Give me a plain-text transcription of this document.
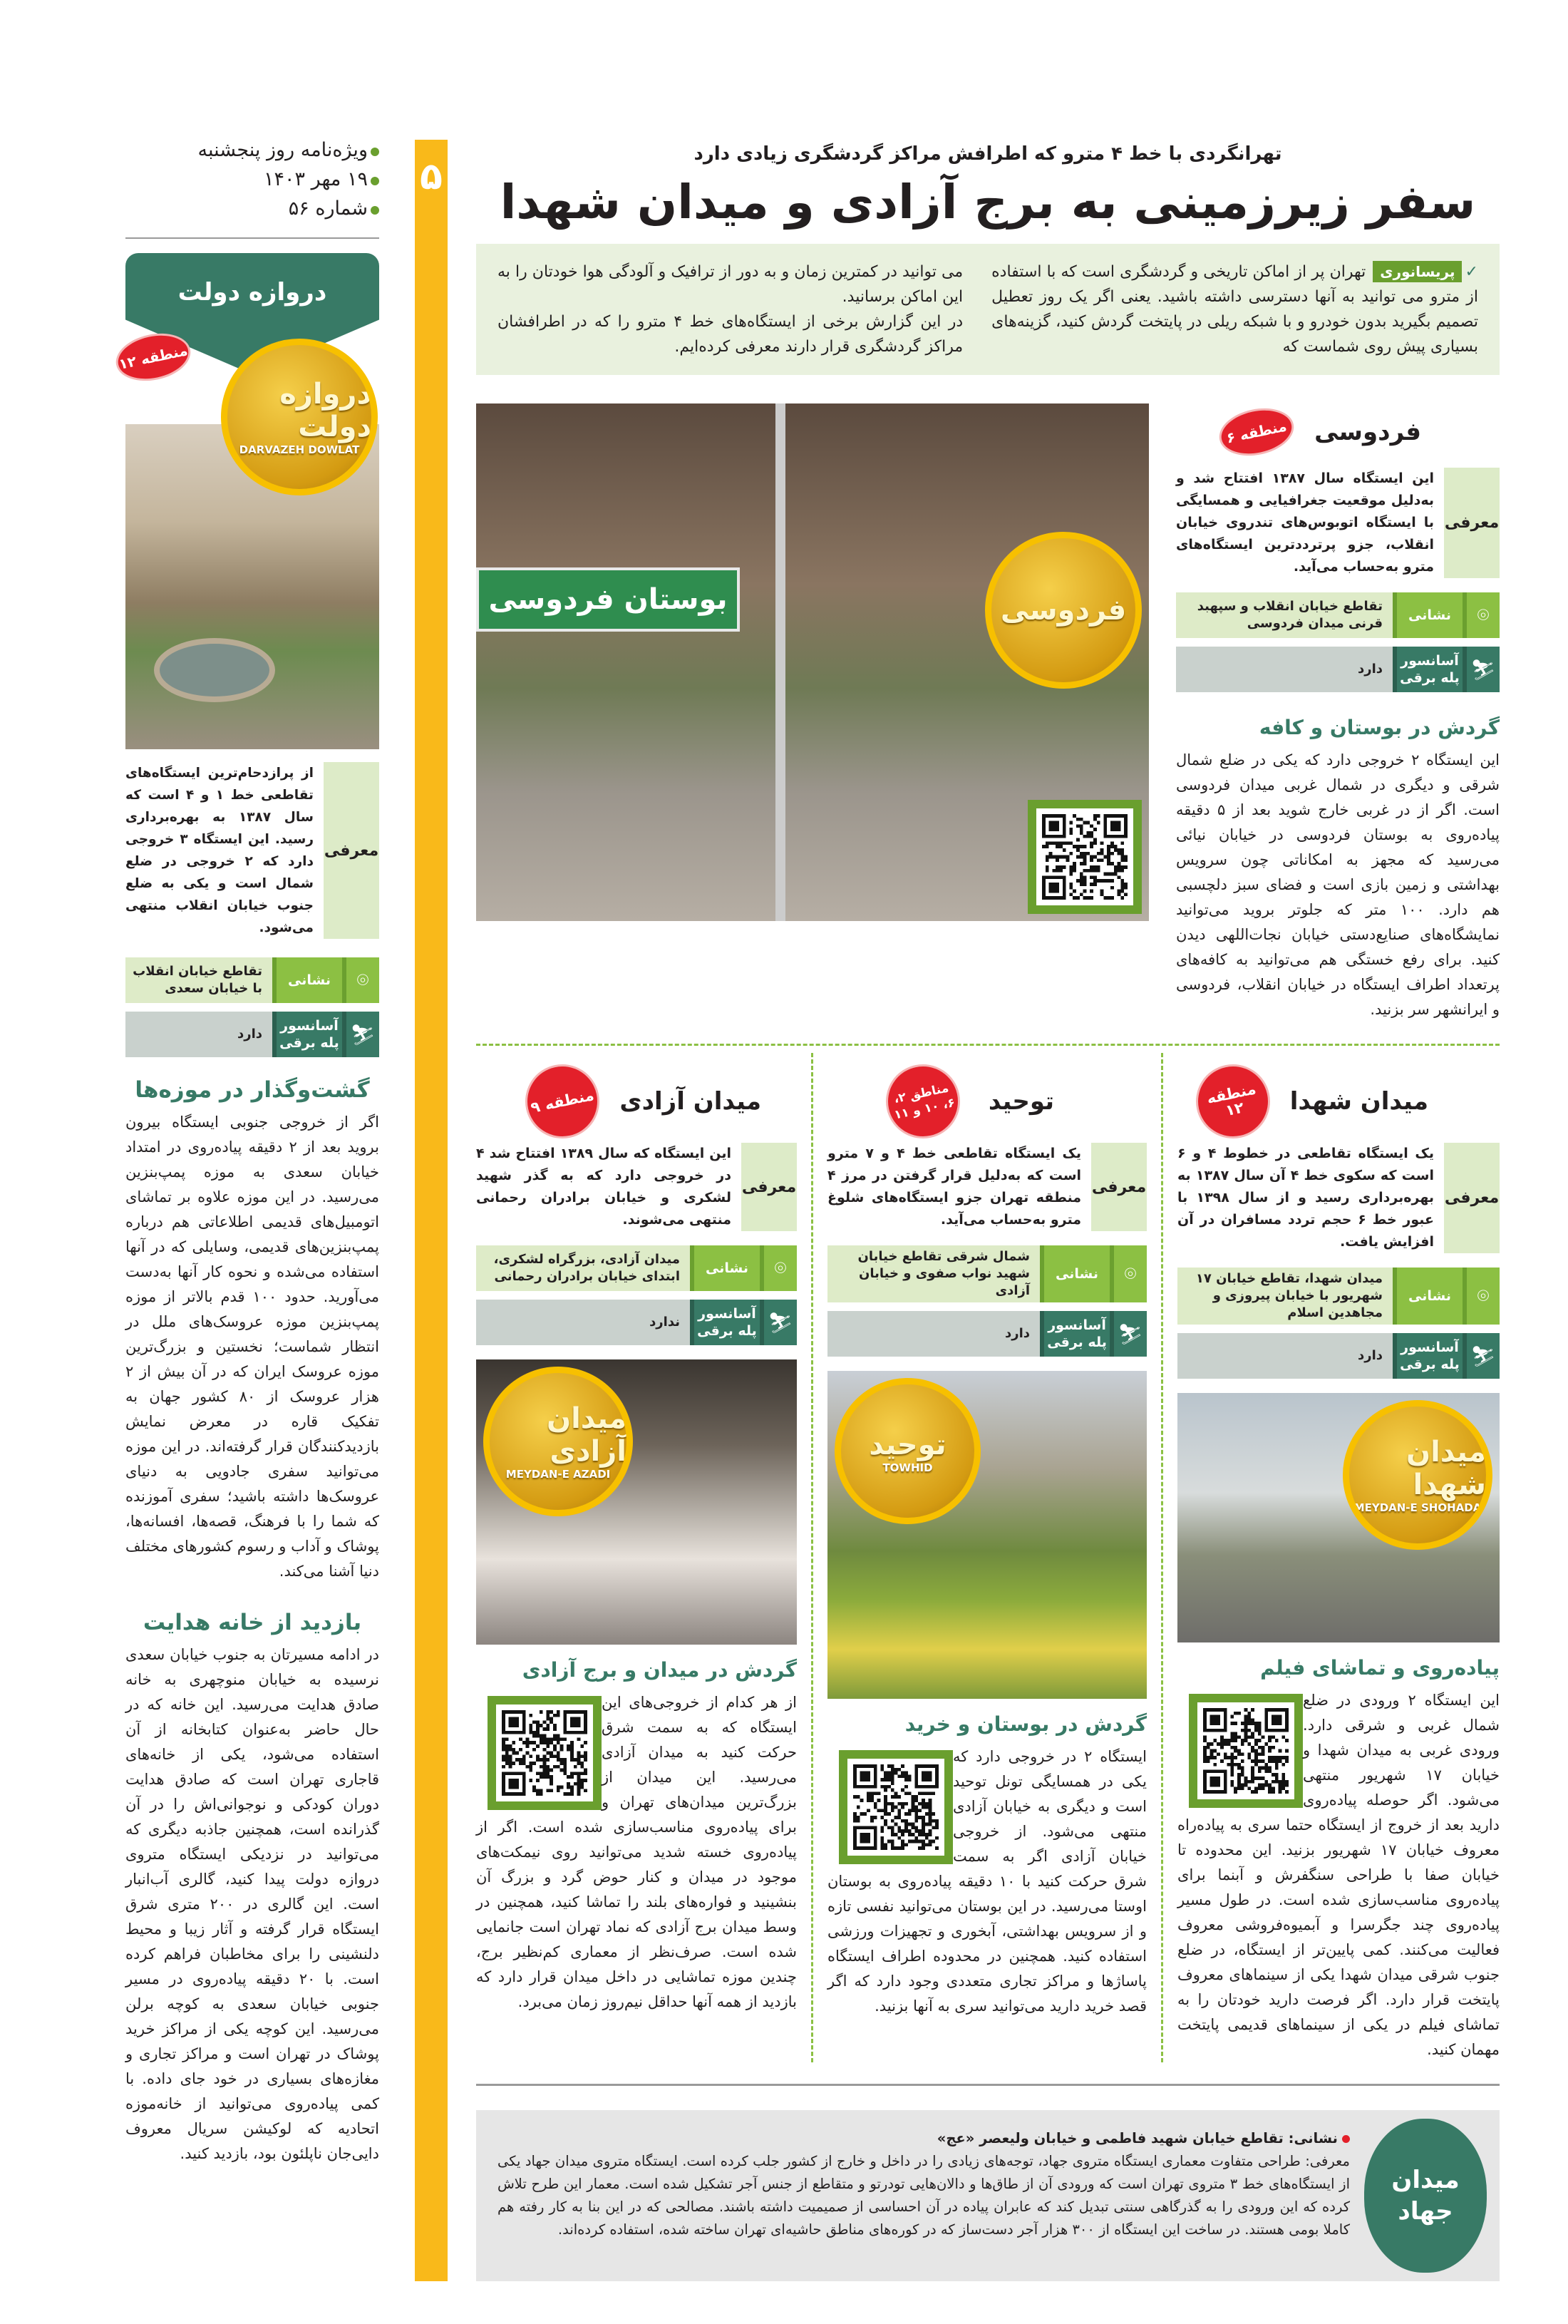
۵
ویژه‌نامه روز پنجشنبه
۱۹ مهر ۱۴۰۳
شماره ۵۶
دروازه دولت
منطقه ۱۲
دروازه دولت
DARVAZEH DOWLAT
معرفی
از پرازدحام‌ترین ایستگاه‌های تقاطعی خط ۱ و ۴ است که سال ۱۳۸۷ به بهره‌برداری رسید. این ایستگاه ۳ خروجی دارد که ۲ خروجی در ضلع شمال است و یکی به ضلع جنوب خیابان انقلاب منتهی می‌شود.
⌾
نشانی
تقاطع خیابان انقلاب با خیابان سعدی
⛷
آسانسور
پله برقی
دارد
گشت‌وگذار در موزه‌ها
اگر از خروجی جنوبی ایستگاه بیرون بروید بعد از ۲ دقیقه پیاده‌روی در امتداد خیابان سعدی به موزه پمپ‌بنزین می‌رسید. در این موزه علاوه بر تماشای اتومبیل‌های قدیمی اطلاعاتی هم درباره پمپ‌بنزین‌های قدیمی، وسایلی که در آنها استفاده می‌شده و نحوه کار آنها به‌دست می‌آورید. حدود ۱۰۰ قدم بالاتر از موزه پمپ‌بنزین موزه عروسک‌های ملل در انتظار شماست؛ نخستین و بزرگ‌ترین موزه عروسک ایران که در آن بیش از ۲ هزار عروسک از ۸۰ کشور جهان به تفکیک قاره در معرض نمایش بازدیدکنندگان قرار گرفته‌اند. در این موزه می‌توانید سفری جادویی به دنیای عروسک‌ها داشته باشید؛ سفری آموزنده که شما را با فرهنگ، قصه‌ها، افسانه‌ها، پوشاک و آداب و رسوم کشورهای مختلف دنیا آشنا می‌کند.
بازدید از خانه هدایت
در ادامه مسیرتان به جنوب خیابان سعدی نرسیده به خیابان منوچهری به خانه صادق هدایت می‌رسید. این خانه که در حال حاضر به‌عنوان کتابخانه از آن استفاده می‌شود، یکی از خانه‌های قاجاری تهران است که صادق هدایت دوران کودکی و نوجوانی‌اش را در آن گذرانده است، همچنین جاذبه دیگری که می‌توانید در نزدیکی ایستگاه متروی دروازه دولت پیدا کنید، گالری آب‌انبار است. این گالری در ۲۰۰ متری شرق ایستگاه قرار گرفته و آثار زیبا و محیط دلنشینی را برای مخاطبان فراهم کرده است. با ۲۰ دقیقه پیاده‌روی در مسیر جنوبی خیابان سعدی به کوچه برلن می‌رسید. این کوچه یکی از مراکز خرید پوشاک در تهران است و مراکز تجاری و مغازه‌های بسیاری در خود جای داده. با کمی پیاده‌روی می‌توانید از خانه‌موزه اتحادیه که لوکیشن سریال معروف دایی‌جان ناپلئون بود، بازدید کنید.
تهرانگردی با خط ۴ مترو که اطرافش مراکز گردشگری زیادی دارد
سفر زیرزمینی به برج آزادی و میدان شهدا
✓پریسانوریتهران پر از اماکن تاریخی و گردشگری است که با استفاده از مترو می توانید به آنها دسترسی داشته باشید. یعنی اگر یک روز تعطیل تصمیم بگیرید بدون خودرو و با شبکه ریلی در پایتخت گردش کنید، گزینه‌های بسیاری پیش روی شماست که
می توانید در کمترین زمان و به دور از ترافیک و آلودگی هوا خودتان را به این اماکن برسانید.
در این گزارش برخی از ایستگاه‌های خط ۴ مترو را که در اطرافشان مراکز گردشگری قرار دارند معرفی کرده‌ایم.
فردوسی
منطقه ۶
معرفی
این ایستگاه سال ۱۳۸۷ افتتاح شد و به‌دلیل موقعیت جغرافیایی و همسایگی با ایستگاه اتوبوس‌های تندروی خیابان انقلاب، جزو پرترددترین ایستگاه‌های مترو به‌حساب می‌آید.
⌾
نشانی
تقاطع خیابان انقلاب و سپهبد قرنی میدان فردوسی
⛷
آسانسور
پله برقی
دارد
گردش در بوستان و کافه
این ایستگاه ۲ خروجی دارد که یکی در ضلع شمال شرقی و دیگری در شمال غربی میدان فردوسی است. اگر از در غربی خارج شوید بعد از ۵ دقیقه پیاده‌روی به بوستان فردوسی در خیابان نیائی می‌رسید که مجهز به امکاناتی چون سرویس بهداشتی و زمین بازی است و فضای سبز دلچسبی هم دارد. ۱۰۰ متر که جلوتر بروید می‌توانید نمایشگاه‌های صنایع‌دستی خیابان نجات‌اللهی دیدن کنید. برای رفع خستگی هم می‌توانید به کافه‌های پرتعداد اطراف ایستگاه در خیابان انقلاب، فردوسی و ایرانشهر سر بزنید.
بوستان فردوسی	فردوسی
میدان شهدا
منطقه ۱۲
معرفی
یک ایستگاه تقاطعی در خطوط ۴ و ۶ است که سکوی خط ۴ آن سال ۱۳۸۷ به بهره‌برداری رسید و از سال ۱۳۹۸ با عبور خط ۶ حجم تردد مسافران در آن افزایش یافت.
⌾
نشانی
میدان شهدا، تقاطع خیابان ۱۷ شهریور با خیابان پیروزی و مجاهدین اسلام
⛷
آسانسور
پله برقی
دارد
میدان شهدا
MEYDAN-E SHOHADA
پیاده‌روی و تماشای فیلم
این ایستگاه ۲ ورودی در ضلع شمال غربی و شرقی دارد. ورودی غربی به میدان شهدا و خیابان ۱۷ شهریور منتهی می‌شود. اگر حوصله پیاده‌روی دارید بعد از خروج از ایستگاه حتما سری به پیاده‌راه معروف خیابان ۱۷ شهریور بزنید. این محدوده تا خیابان صفا با طراحی سنگفرش و آبنما برای پیاده‌روی مناسب‌سازی شده است. در طول مسیر پیاده‌روی چند جگرسرا و آبمیوه‌فروشی معروف فعالیت می‌کنند. کمی پایین‌تر از ایستگاه، در ضلع جنوب شرقی میدان شهدا یکی از سینماهای معروف پایتخت قرار دارد. اگر فرصت دارید خودتان را به تماشای فیلم در یکی از سینماهای قدیمی پایتخت مهمان کنید.
توحید
مناطق ۲، ۶، ۱۰ و ۱۱
معرفی
یک ایستگاه تقاطعی خط ۴ و ۷ مترو است که به‌دلیل قرار گرفتن در مرز ۴ منطقه تهران جزو ایستگاه‌های شلوغ مترو به‌حساب می‌آید.
⌾
نشانی
شمال شرقی تقاطع خیابان شهید نواب صفوی و خیابان آزادی
⛷
آسانسور
پله برقی
دارد
توحید
TOWHID
گردش در بوستان و خرید
ایستگاه ۲ در خروجی دارد که یکی در همسایگی تونل توحید است و دیگری به خیابان آزادی منتهی می‌شود. از خروجی خیابان آزادی اگر به سمت شرق حرکت کنید با ۱۰ دقیقه پیاده‌روی به بوستان اوستا می‌رسید. در این بوستان می‌توانید نفسی تازه و از سرویس بهداشتی، آبخوری و تجهیزات ورزشی استفاده کنید. همچنین در محدوده اطراف ایستگاه پاساژها و مراکز تجاری متعددی وجود دارد که اگر قصد خرید دارید می‌توانید سری به آنها بزنید.
میدان آزادی
منطقه ۹
معرفی
این ایستگاه که سال ۱۳۸۹ افتتاح شد ۴ در خروجی دارد که به گذر شهید لشکری و خیابان برادران رحمانی منتهی می‌شوند.
⌾
نشانی
میدان آزادی، بزرگراه لشکری، ابتدای خیابان برادران رحمانی
⛷
آسانسور
پله برقی
ندارد
میدان آزادی
MEYDAN-E AZADI
گردش در میدان و برج آزادی
از هر کدام از خروجی‌های این ایستگاه که به سمت شرق حرکت کنید به میدان آزادی می‌رسید. این میدان از بزرگ‌ترین میدان‌های تهران و برای پیاده‌روی مناسب‌سازی شده است. اگر از پیاده‌روی خسته شدید می‌توانید روی نیمکت‌های موجود در میدان و کنار حوض گرد و بزرگ آن بنشینید و فواره‌های بلند را تماشا کنید، همچنین در وسط میدان برج آزادی که نماد تهران است جانمایی شده است. صرف‌نظر از معماری کم‌نظیر برج، چندین موزه تماشایی در داخل میدان قرار دارد که بازدید از همه آنها حداقل نیم‌روز زمان می‌برد.
نشانی: تقاطع خیابان شهید فاطمی و خیابان ولیعصر «عج»
معرفی: طراحی متفاوت معماری ایستگاه متروی جهاد، توجه‌های زیادی را در داخل و خارج از کشور جلب کرده است. ایستگاه متروی میدان جهاد یکی از ایستگاه‌های خط ۳ متروی تهران است که ورودی آن از طاق‌ها و دالان‌هایی تودرتو و متقاطع از جنس آجر تشکیل شده است. معمار این طرح تلاش کرده که این ورودی را به گذرگاهی سنتی تبدیل کند که عابران پیاده در آن احساسی از صمیمیت داشته باشند. مصالحی که در این بنا به کار رفته هم کاملا بومی هستند. در ساخت این ایستگاه از ۳۰۰ هزار آجر دست‌ساز که در کوره‌های مناطق حاشیه‌ای تهران ساخته شده، استفاده کرده‌اند.
میدان جهاد
